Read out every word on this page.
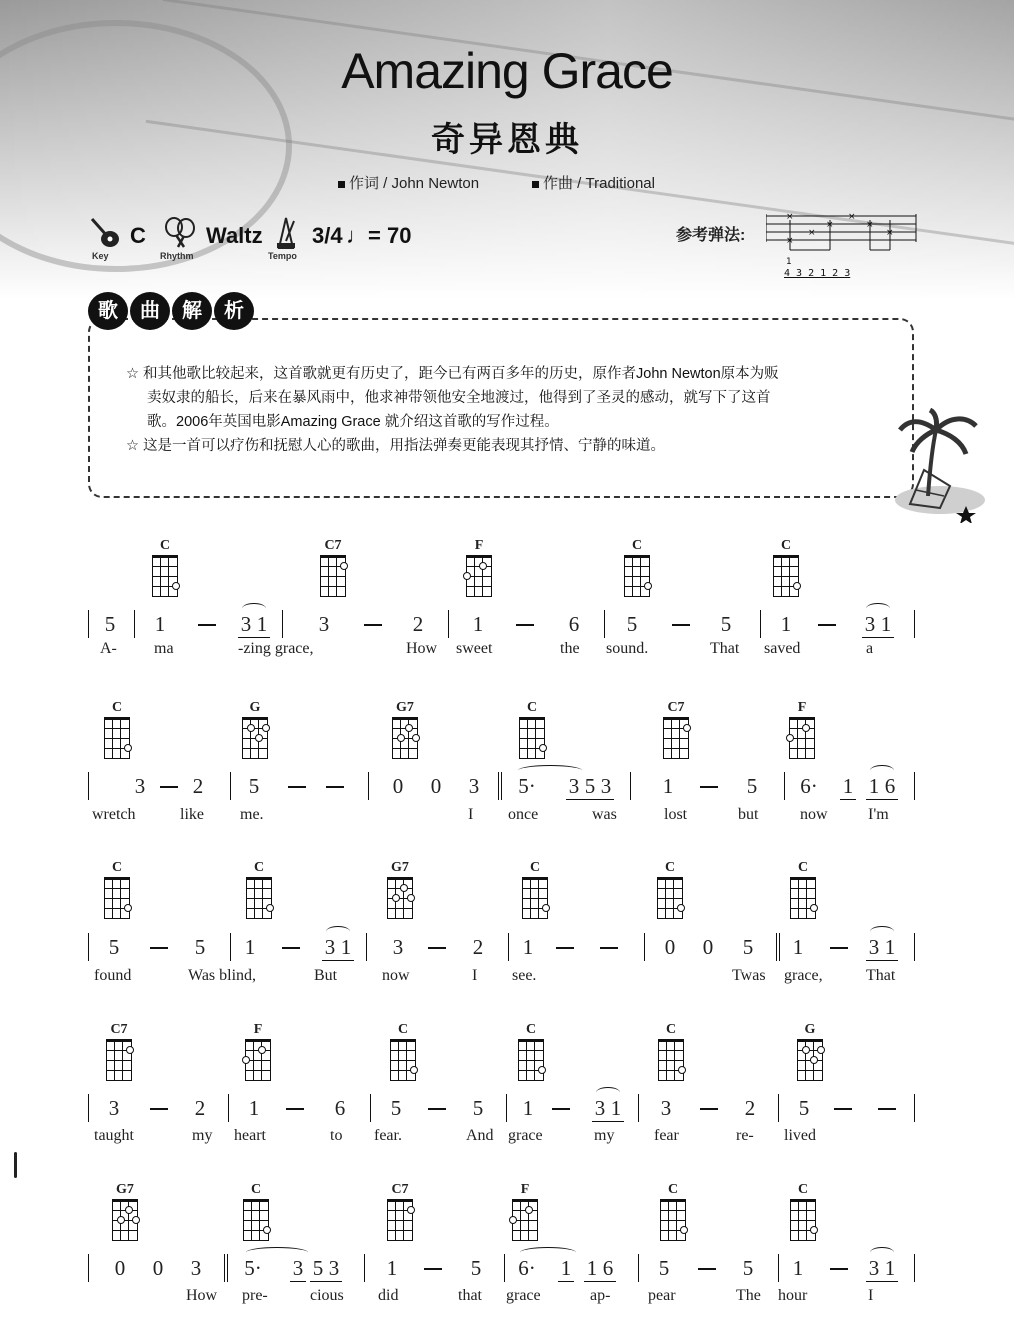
Amazing Grace
奇异恩典
作词 / John Newton	作曲 / Traditional
Key
C
Rhythm
Waltz
Tempo
3/4 ♩= 70	参考弹法:
×
×
×
×
×
×
×
1
4 3 2 1 2 3
歌	曲	解	析

☆ 和其他歌比较起来，这首歌就更有历史了，距今已有两百多年的历史，原作者John Newton原本为贩

卖奴隶的船长，后来在暴风雨中，他求神带领他安全地渡过，他得到了圣灵的感动，就写下了这首

歌。2006年英国电影Amazing Grace 就介绍这首歌的写作过程。

☆ 这是一首可以疗伤和抚慰人心的歌曲，用指法弹奏更能表现其抒情、宁静的味道。

C	C7	F	C	C
C	G	G7	C	C7	F
C	C	G7	C	C	C
C7	F	C	C	C	G
G7	C	C7	F	C	C
5	1	3 1	3	2	1	6	5	5	1	3 1
A- ma	-zing grace,	How sweet	the sound.	That saved	a
3	2	5	0	0	3	5· 3 5 3	1	5	6· 1 1 6
wretch	like me.	I once	was	lost	but	now	I'm
5	5	1	3 1	3	2	1	0	0	5	1	3 1
found	Was blind,	But	now	I see.	Twas grace,	That
3	2	1	6	5	5	1	3 1	3	2	5
taught	my heart	to fear.	And grace	my fear	re- lived
0	0	3	5· 3 5 3	1	5	6· 1 1 6	5	5	1	3 1
How pre-	cious did	that grace	ap- pear	The hour	I
